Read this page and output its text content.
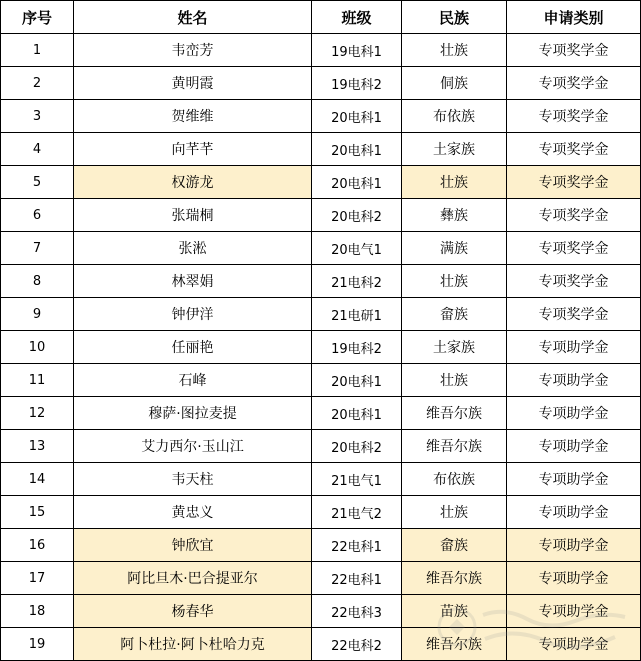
序号	姓名	班级	民族	申请类别
1	韦峦芳	19电科1	壮族	专项奖学金
2	黄明霞	19电科2	侗族	专项奖学金
3	贺维维	20电科1	布依族	专项奖学金
4	向芊芊	20电科1	土家族	专项奖学金
5	权游龙	20电科1	壮族	专项奖学金
6	张瑞桐	20电科2	彝族	专项奖学金
7	张淞	20电气1	满族	专项奖学金
8	林翠娟	21电科2	壮族	专项奖学金
9	钟伊洋	21电研1	畲族	专项奖学金
10	任丽艳	19电科2	土家族	专项助学金
11	石峰	20电科1	壮族	专项助学金
12	穆萨·图拉麦提	20电科1	维吾尔族	专项助学金
13	艾力西尔·玉山江	20电科2	维吾尔族	专项助学金
14	韦天柱	21电气1	布依族	专项助学金
15	黄忠义	21电气2	壮族	专项助学金
16	钟欣宜	22电科1	畲族	专项助学金
17	阿比旦木·巴合提亚尔	22电科1	维吾尔族	专项助学金
18	杨春华	22电科3	苗族	专项助学金
19	阿卜杜拉·阿卜杜哈力克	22电科2	维吾尔族	专项助学金
